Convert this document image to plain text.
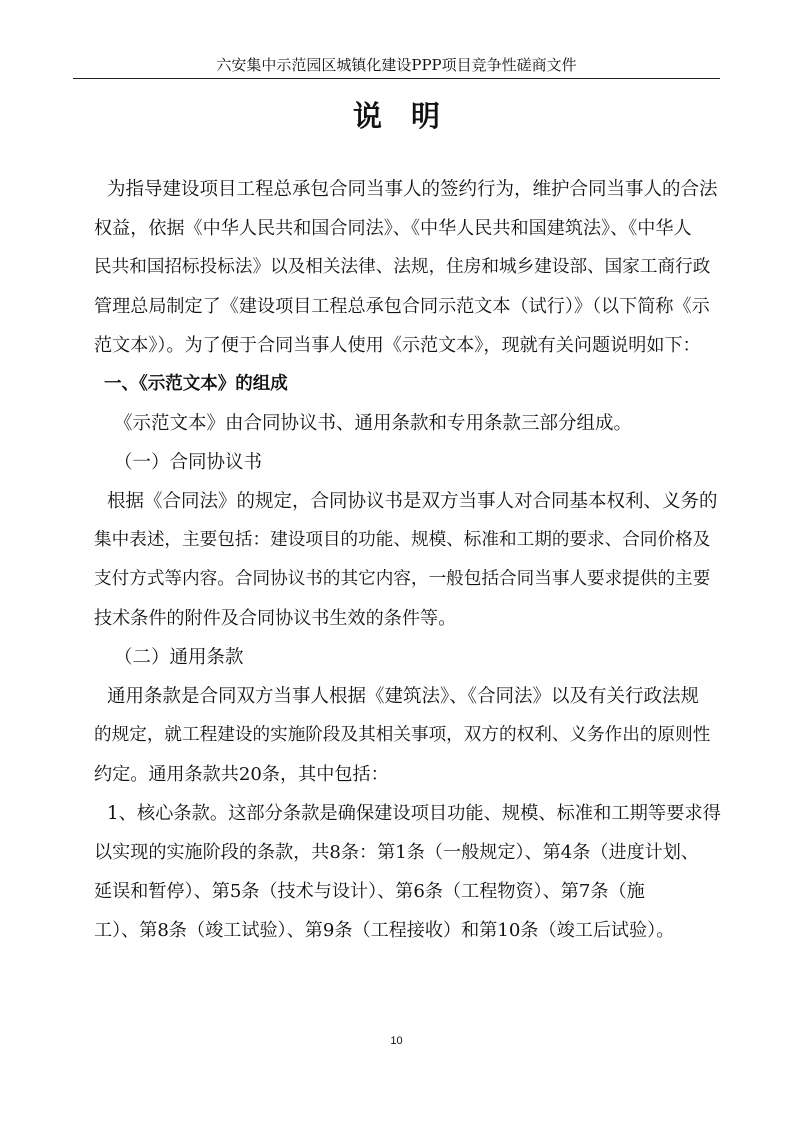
六安集中示范园区城镇化建设PPP项目竞争性磋商文件
说明
为指导建设项目工程总承包合同当事人的签约行为，维护合同当事人的合法
权益，依据《中华人民共和国合同法》、《中华人民共和国建筑法》、《中华人
民共和国招标投标法》以及相关法律、法规，住房和城乡建设部、国家工商行政
管理总局制定了《建设项目工程总承包合同示范文本（试行）》（以下简称《示
范文本》）。为了便于合同当事人使用《示范文本》，现就有关问题说明如下：
一、《示范文本》的组成
《示范文本》由合同协议书、通用条款和专用条款三部分组成。
（一）合同协议书
根据《合同法》的规定，合同协议书是双方当事人对合同基本权利、义务的
集中表述，主要包括：建设项目的功能、规模、标准和工期的要求、合同价格及
支付方式等内容。合同协议书的其它内容，一般包括合同当事人要求提供的主要
技术条件的附件及合同协议书生效的条件等。
（二）通用条款
通用条款是合同双方当事人根据《建筑法》、《合同法》以及有关行政法规
的规定，就工程建设的实施阶段及其相关事项，双方的权利、义务作出的原则性
约定。通用条款共20条，其中包括：
1、核心条款。这部分条款是确保建设项目功能、规模、标准和工期等要求得
以实现的实施阶段的条款，共8条：第1条（一般规定）、第4条（进度计划、
延误和暂停）、第5条（技术与设计）、第6条（工程物资）、第7条（施
工）、第8条（竣工试验）、第9条（工程接收）和第10条（竣工后试验）。
10
